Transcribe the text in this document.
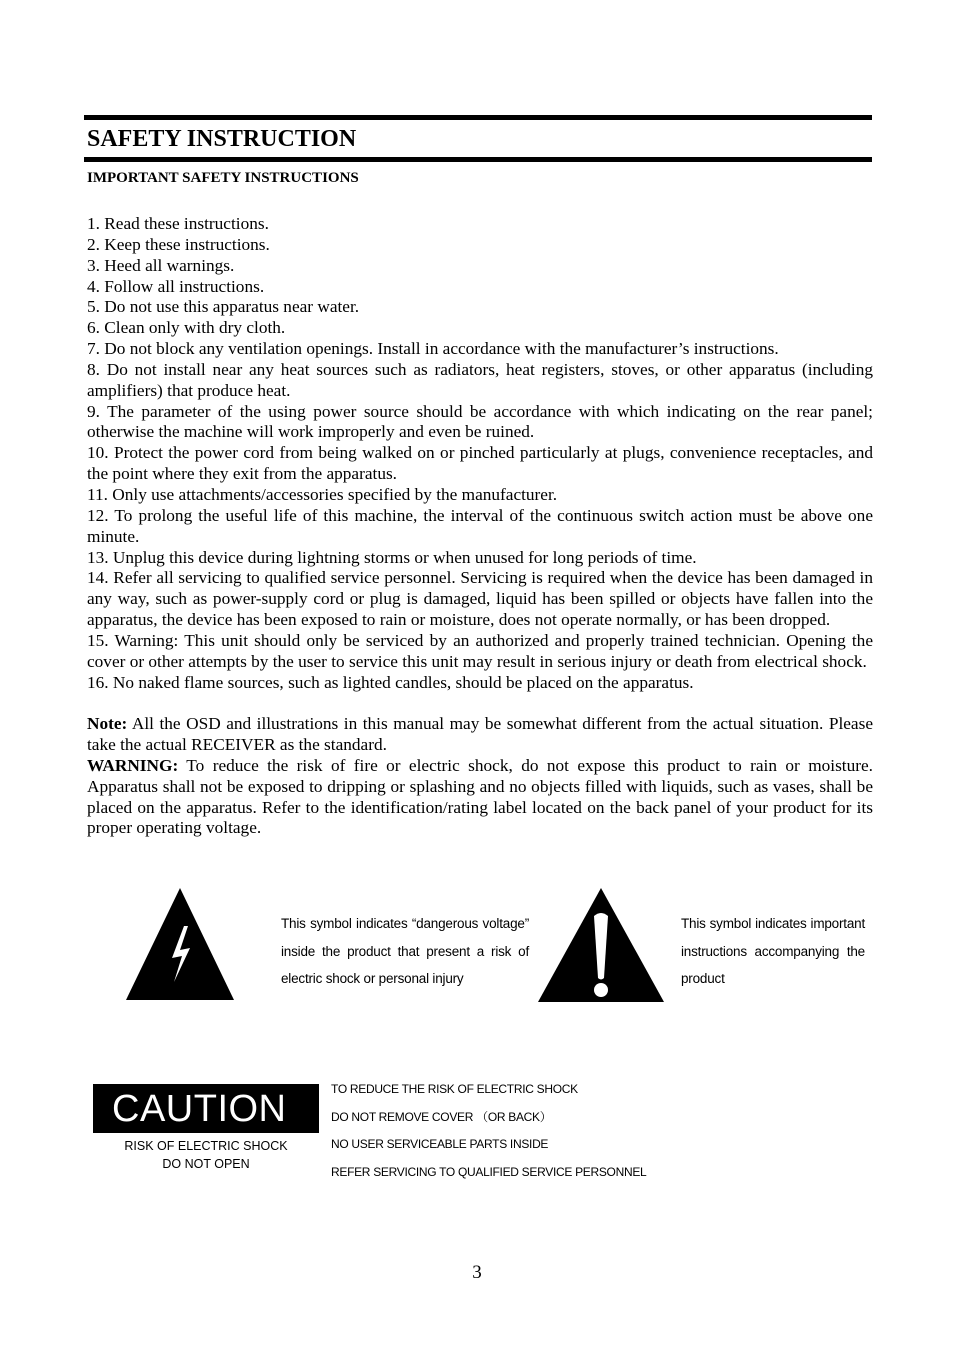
SAFETY INSTRUCTION
IMPORTANT SAFETY INSTRUCTIONS

1. Read these instructions.

2. Keep these instructions.

3. Heed all warnings.

4. Follow all instructions.

5. Do not use this apparatus near water.

6. Clean only with dry cloth.

7. Do not block any ventilation openings. Install in accordance with the manufacturer’s instructions.

8. Do not install near any heat sources such as radiators, heat registers, stoves, or other apparatus (including amplifiers) that produce heat.

9. The parameter of the using power source should be accordance with which indicating on the rear panel; otherwise the machine will work improperly and even be ruined.

10. Protect the power cord from being walked on or pinched particularly at plugs, convenience receptacles, and the point where they exit from the apparatus.

11. Only use attachments/accessories specified by the manufacturer.

12. To prolong the useful life of this machine, the interval of the continuous switch action must be above one minute.

13. Unplug this device during lightning storms or when unused for long periods of time.

14. Refer all servicing to qualified service personnel. Servicing is required when the device has been damaged in any way, such as power-supply cord or plug is damaged, liquid has been spilled or objects have fallen into the apparatus, the device has been exposed to rain or moisture, does not operate normally, or has been dropped.

15. Warning: This unit should only be serviced by an authorized and properly trained technician. Opening the cover or other attempts by the user to service this unit may result in serious injury or death from electrical shock.

16. No naked flame sources, such as lighted candles, should be placed on the apparatus.

Note: All the OSD and illustrations in this manual may be somewhat different from the actual situation. Please take the actual RECEIVER as the standard.

WARNING: To reduce the risk of fire or electric shock, do not expose this product to rain or moisture. Apparatus shall not be exposed to dripping or splashing and no objects filled with liquids, such as vases, shall be placed on the apparatus. Refer to the identification/rating label located on the back panel of your product for its proper operating voltage.

This symbol indicates “dangerous voltage”
inside the product that present a risk of
electric shock or personal injury
This symbol indicates important
instructions accompanying the
product
CAUTION
RISK OF ELECTRIC SHOCK
DO NOT OPEN
TO REDUCE THE RISK OF ELECTRIC SHOCK
DO NOT REMOVE COVER （OR BACK）
NO USER SERVICEABLE PARTS INSIDE
REFER SERVICING TO QUALIFIED SERVICE PERSONNEL
3
